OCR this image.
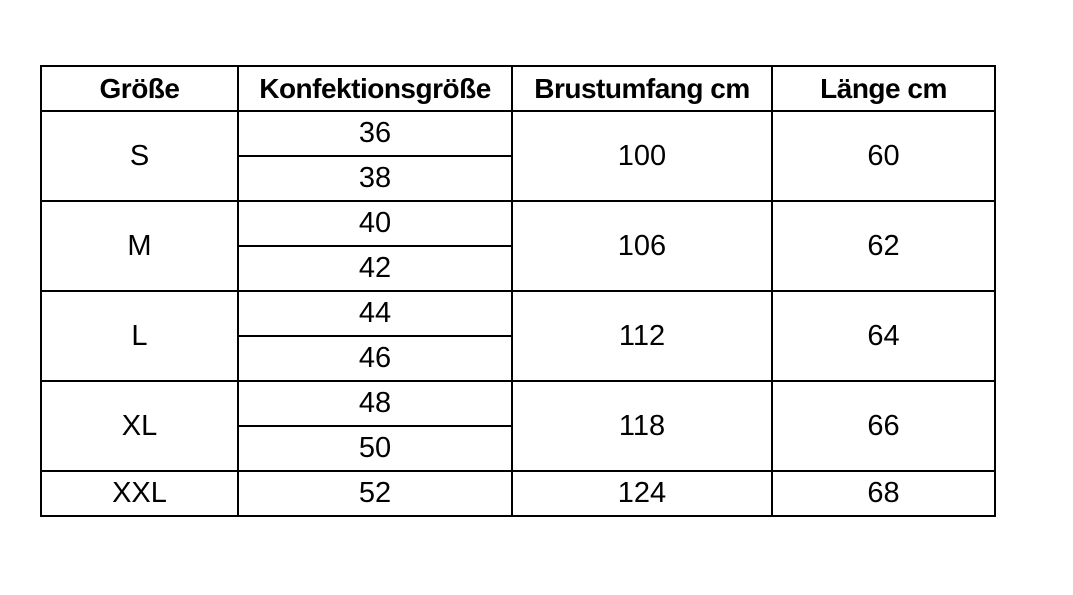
Größe	Konfektionsgröße	Brustumfang cm	Länge cm
S	36	100	60
	38		
M	40	106	62
	42		
L	44	112	64
	46		
XL	48	118	66
	50		
XXL	52	124	68
